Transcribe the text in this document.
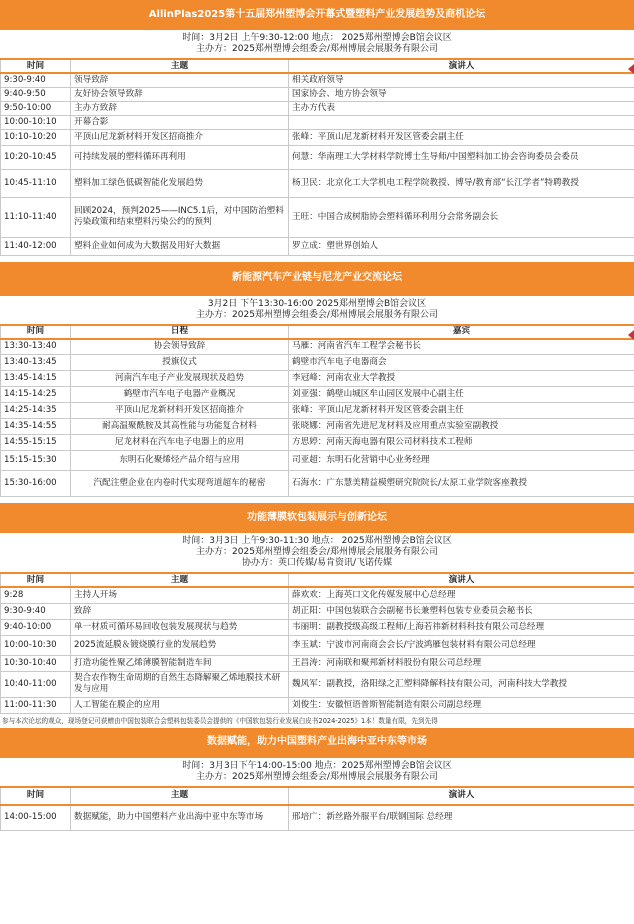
AllinPlas2025第十五届郑州塑博会开幕式暨塑料产业发展趋势及商机论坛
时间：3月2日 上午9:30-12:00 地点： 2025郑州塑博会B馆会议区
主办方：2025郑州塑博会组委会/郑州博展会展服务有限公司
时间	主题	演讲人
9:30-9:40	领导致辞	相关政府领导
9:40-9:50	友好协会领导致辞	国家协会、地方协会领导
9:50-10:00	主办方致辞	主办方代表
10:00-10:10	开幕合影	
10:10-10:20	平顶山尼龙新材料开发区招商推介	张峰：平顶山尼龙新材料开发区管委会副主任
10:20-10:45	可持续发展的塑料循环再利用	何慧：华南理工大学材料学院博士生导师/中国塑料加工协会咨询委员会委员
10:45-11:10	塑料加工绿色低碳智能化发展趋势	杨卫民：北京化工大学机电工程学院教授、博导/教育部“长江学者”特聘教授
11:10-11:40	回顾2024，预判2025——INC5.1后，对中国防治塑料污染政策和结束塑料污染公约的预判	王旺：中国合成树脂协会塑料循环利用分会常务副会长
11:40-12:00	塑料企业如何成为大数据及用好大数据	罗立成：塑世界创始人
新能源汽车产业链与尼龙产业交流论坛
3月2日 下午13:30-16:00 2025郑州塑博会B馆会议区
主办方：2025郑州塑博会组委会/郑州博展会展服务有限公司
时间	日程	嘉宾
13:30-13:40	协会领导致辞	马雁：河南省汽车工程学会秘书长
13:40-13:45	授旗仪式	鹤壁市汽车电子电器商会
13:45-14:15	河南汽车电子产业发展现状及趋势	李冠峰：河南农业大学教授
14:15-14:25	鹤壁市汽车电子电器产业概况	刘亚强：鹤壁山城区牟山园区发展中心副主任
14:25-14:35	平顶山尼龙新材料开发区招商推介	张峰：平顶山尼龙新材料开发区管委会副主任
14:35-14:55	耐高温聚酰胺及其高性能与功能复合材料	张晓娜：河南省先进尼龙材料及应用重点实验室副教授
14:55-15:15	尼龙材料在汽车电子电器上的应用	方思婷：河南天海电器有限公司材料技术工程师
15:15-15:30	东明石化聚烯烃产品介绍与应用	司亚超：东明石化营销中心业务经理
15:30-16:00	汽配注塑企业在内卷时代实现弯道超车的秘密	石海水：广东慧美精益模塑研究院院长/太原工业学院客座教授
功能薄膜软包装展示与创新论坛
时间：3月3日 上午9:30-11:30 地点： 2025郑州塑博会B馆会议区
主办方：2025郑州塑博会组委会/郑州博展会展服务有限公司
协办方：英口传媒/易肯资讯/飞诺传媒
时间	主题	演讲人
9:28	主持人开场	薛欢欢：上海英口文化传媒发展中心总经理
9:30-9:40	致辞	胡正阳：中国包装联合会副秘书长兼塑料包装专业委员会秘书长
9:40-10:00	单一材质可循环易回收包装发展现状与趋势	韦丽明：副教授级高级工程师/上海若祎新材料科技有限公司总经理
10:00-10:30	2025流延膜＆镀烧膜行业的发展趋势	李玉斌：宁波市河南商会会长/宁波鸿雁包装材料有限公司总经理
10:30-10:40	打造功能性聚乙烯薄膜智能制造车间	王昌涛：河南联和聚邦新材料股份有限公司总经理
10:40-11:00	契合农作物生命周期的自然生态降解聚乙烯地膜技术研发与应用	魏风军：副教授，洛阳绿之汇塑料降解科技有限公司，河南科技大学教授
11:00-11:30	人工智能在膜企的应用	刘俊生：安徽恒语普斯智能制造有限公司副总经理
参与本次论坛的观众，现场登记可获赠由中国包装联合会塑料包装委员会提供的《中国软包装行业发展白皮书2024-2025》1本！数量有限，先到先得
数据赋能，助力中国塑料产业出海中亚中东等市场
时间：3月3日下午14:00-15:00 地点：2025郑州塑博会B馆会议区
主办方：2025郑州塑博会组委会/郑州博展会展服务有限公司
时间	主题	演讲人
14:00-15:00	数据赋能，助力中国塑料产业出海中亚中东等市场	邢培广：新丝路外服平台/联钢国际 总经理
